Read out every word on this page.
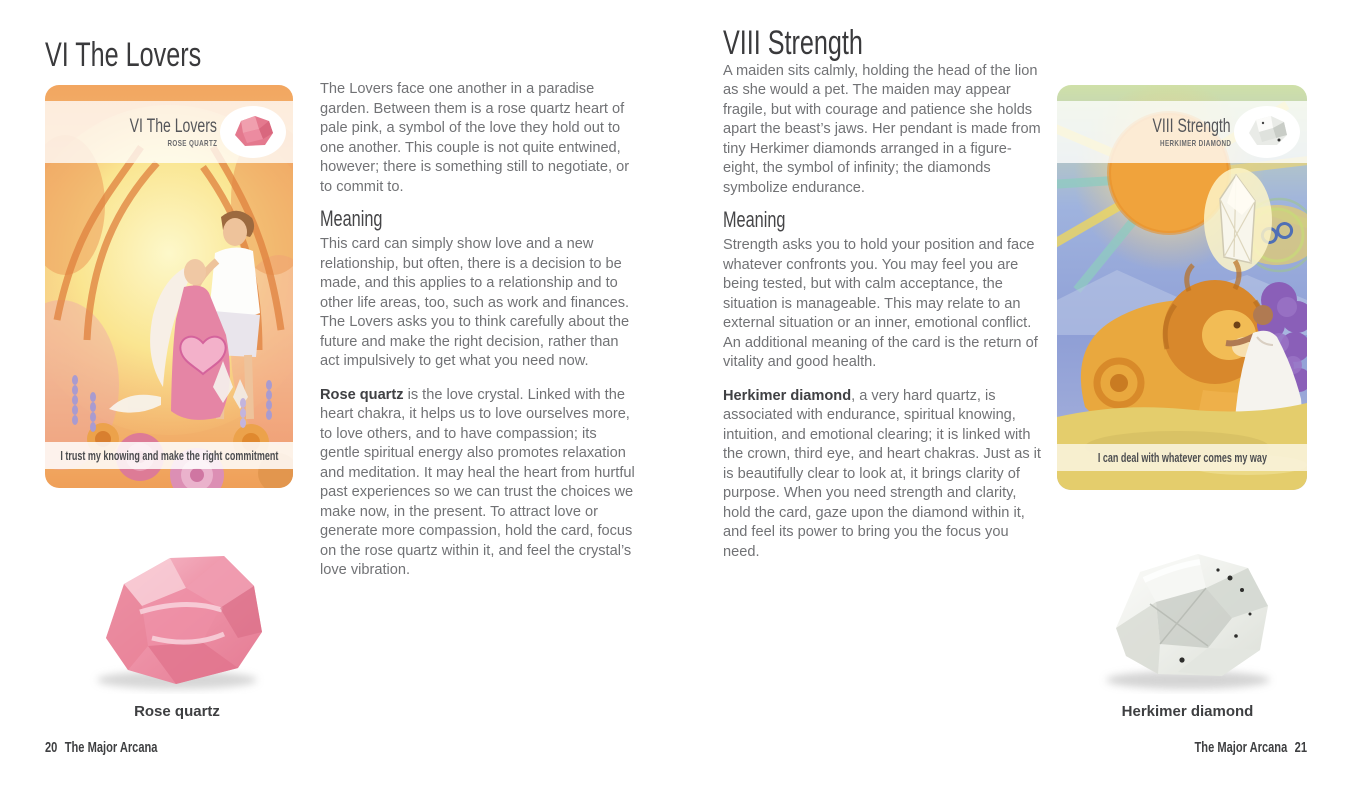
VI The Lovers
VI The Lovers
ROSE QUARTZ
I trust my knowing and make the right commitment

The Lovers face one another in a paradise garden. Between them is a rose quartz heart of pale pink, a symbol of the love they hold out to one another. This couple is not quite entwined, however; there is something still to negotiate, or to commit to.

Meaning

This card can simply show love and a new relationship, but often, there is a decision to be made, and this applies to a relationship and to other life areas, too, such as work and finances. The Lovers asks you to think carefully about the future and make the right decision, rather than act impulsively to get what you need now.

Rose quartz is the love crystal. Linked with the heart chakra, it helps us to love ourselves more, to love others, and to have compassion; its gentle spiritual energy also promotes relaxation and meditation. It may heal the heart from hurtful past experiences so we can trust the choices we make now, in the present. To attract love or generate more compassion, hold the card, focus on the rose quartz within it, and feel the crystal’s love vibration.

Rose quartz
20 The Major Arcana
VIII Strength

A maiden sits calmly, holding the head of the lion as she would a pet. The maiden may appear fragile, but with courage and patience she holds apart the beast’s jaws. Her pendant is made from tiny Herkimer diamonds arranged in a figure-eight, the symbol of infinity; the diamonds symbolize endurance.

Meaning

Strength asks you to hold your position and face whatever confronts you. You may feel you are being tested, but with calm acceptance, the situation is manageable. This may relate to an external situation or an inner, emotional conflict. An additional meaning of the card is the return of vitality and good health.

Herkimer diamond, a very hard quartz, is associated with endurance, spiritual knowing, intuition, and emotional clearing; it is linked with the crown, third eye, and heart chakras. Just as it is beautifully clear to look at, it brings clarity of purpose. When you need strength and clarity, hold the card, gaze upon the diamond within it, and feel its power to bring you the focus you need.

VIII Strength
HERKIMER DIAMOND
I can deal with whatever comes my way
Herkimer diamond
The Major Arcana 21
